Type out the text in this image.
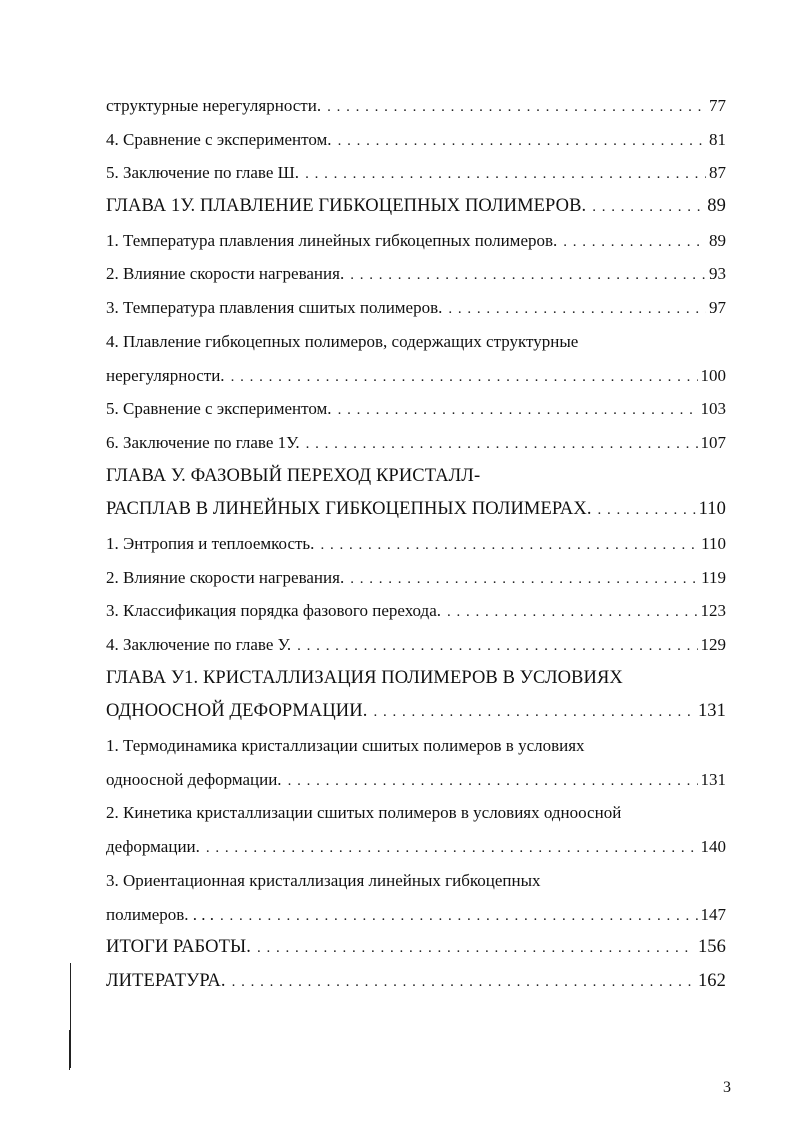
структурные нерегулярности. . . .	77
4. Сравнение с экспериментом. . . .	81
5. Заключение по главе Ш. . . .	87
ГЛАВА 1У. ПЛАВЛЕНИЕ ГИБКОЦЕПНЫХ ПОЛИМЕРОВ. . . .	89
1. Температура плавления линейных гибкоцепных полимеров. . . .	89
2. Влияние скорости нагревания. . . .	93
3. Температура плавления сшитых полимеров. . . .	97
4. Плавление гибкоцепных полимеров, содержащих структурные
нерегулярности. . . .	100
5. Сравнение с экспериментом. . . .	103
6. Заключение по главе 1У. . . .	107
ГЛАВА У. ФАЗОВЫЙ ПЕРЕХОД КРИСТАЛЛ-
РАСПЛАВ В ЛИНЕЙНЫХ ГИБКОЦЕПНЫХ ПОЛИМЕРАХ. . . .	110
1. Энтропия и теплоемкость. . . .	110
2. Влияние скорости нагревания. . . .	119
3. Классификация порядка фазового перехода. . . .	123
4. Заключение по главе У. . . .	129
ГЛАВА У1. КРИСТАЛЛИЗАЦИЯ ПОЛИМЕРОВ В УСЛОВИЯХ
ОДНООСНОЙ ДЕФОРМАЦИИ. . . .	131
1. Термодинамика кристаллизации сшитых полимеров в условиях
одноосной деформации. . . .	131
2. Кинетика кристаллизации сшитых полимеров в условиях одноосной
деформации. . . .	140
3. Ориентационная кристаллизация линейных гибкоцепных
полимеров. . . . . . .	147
ИТОГИ РАБОТЫ. . . .	156
ЛИТЕРАТУРА. . . .	162
3
